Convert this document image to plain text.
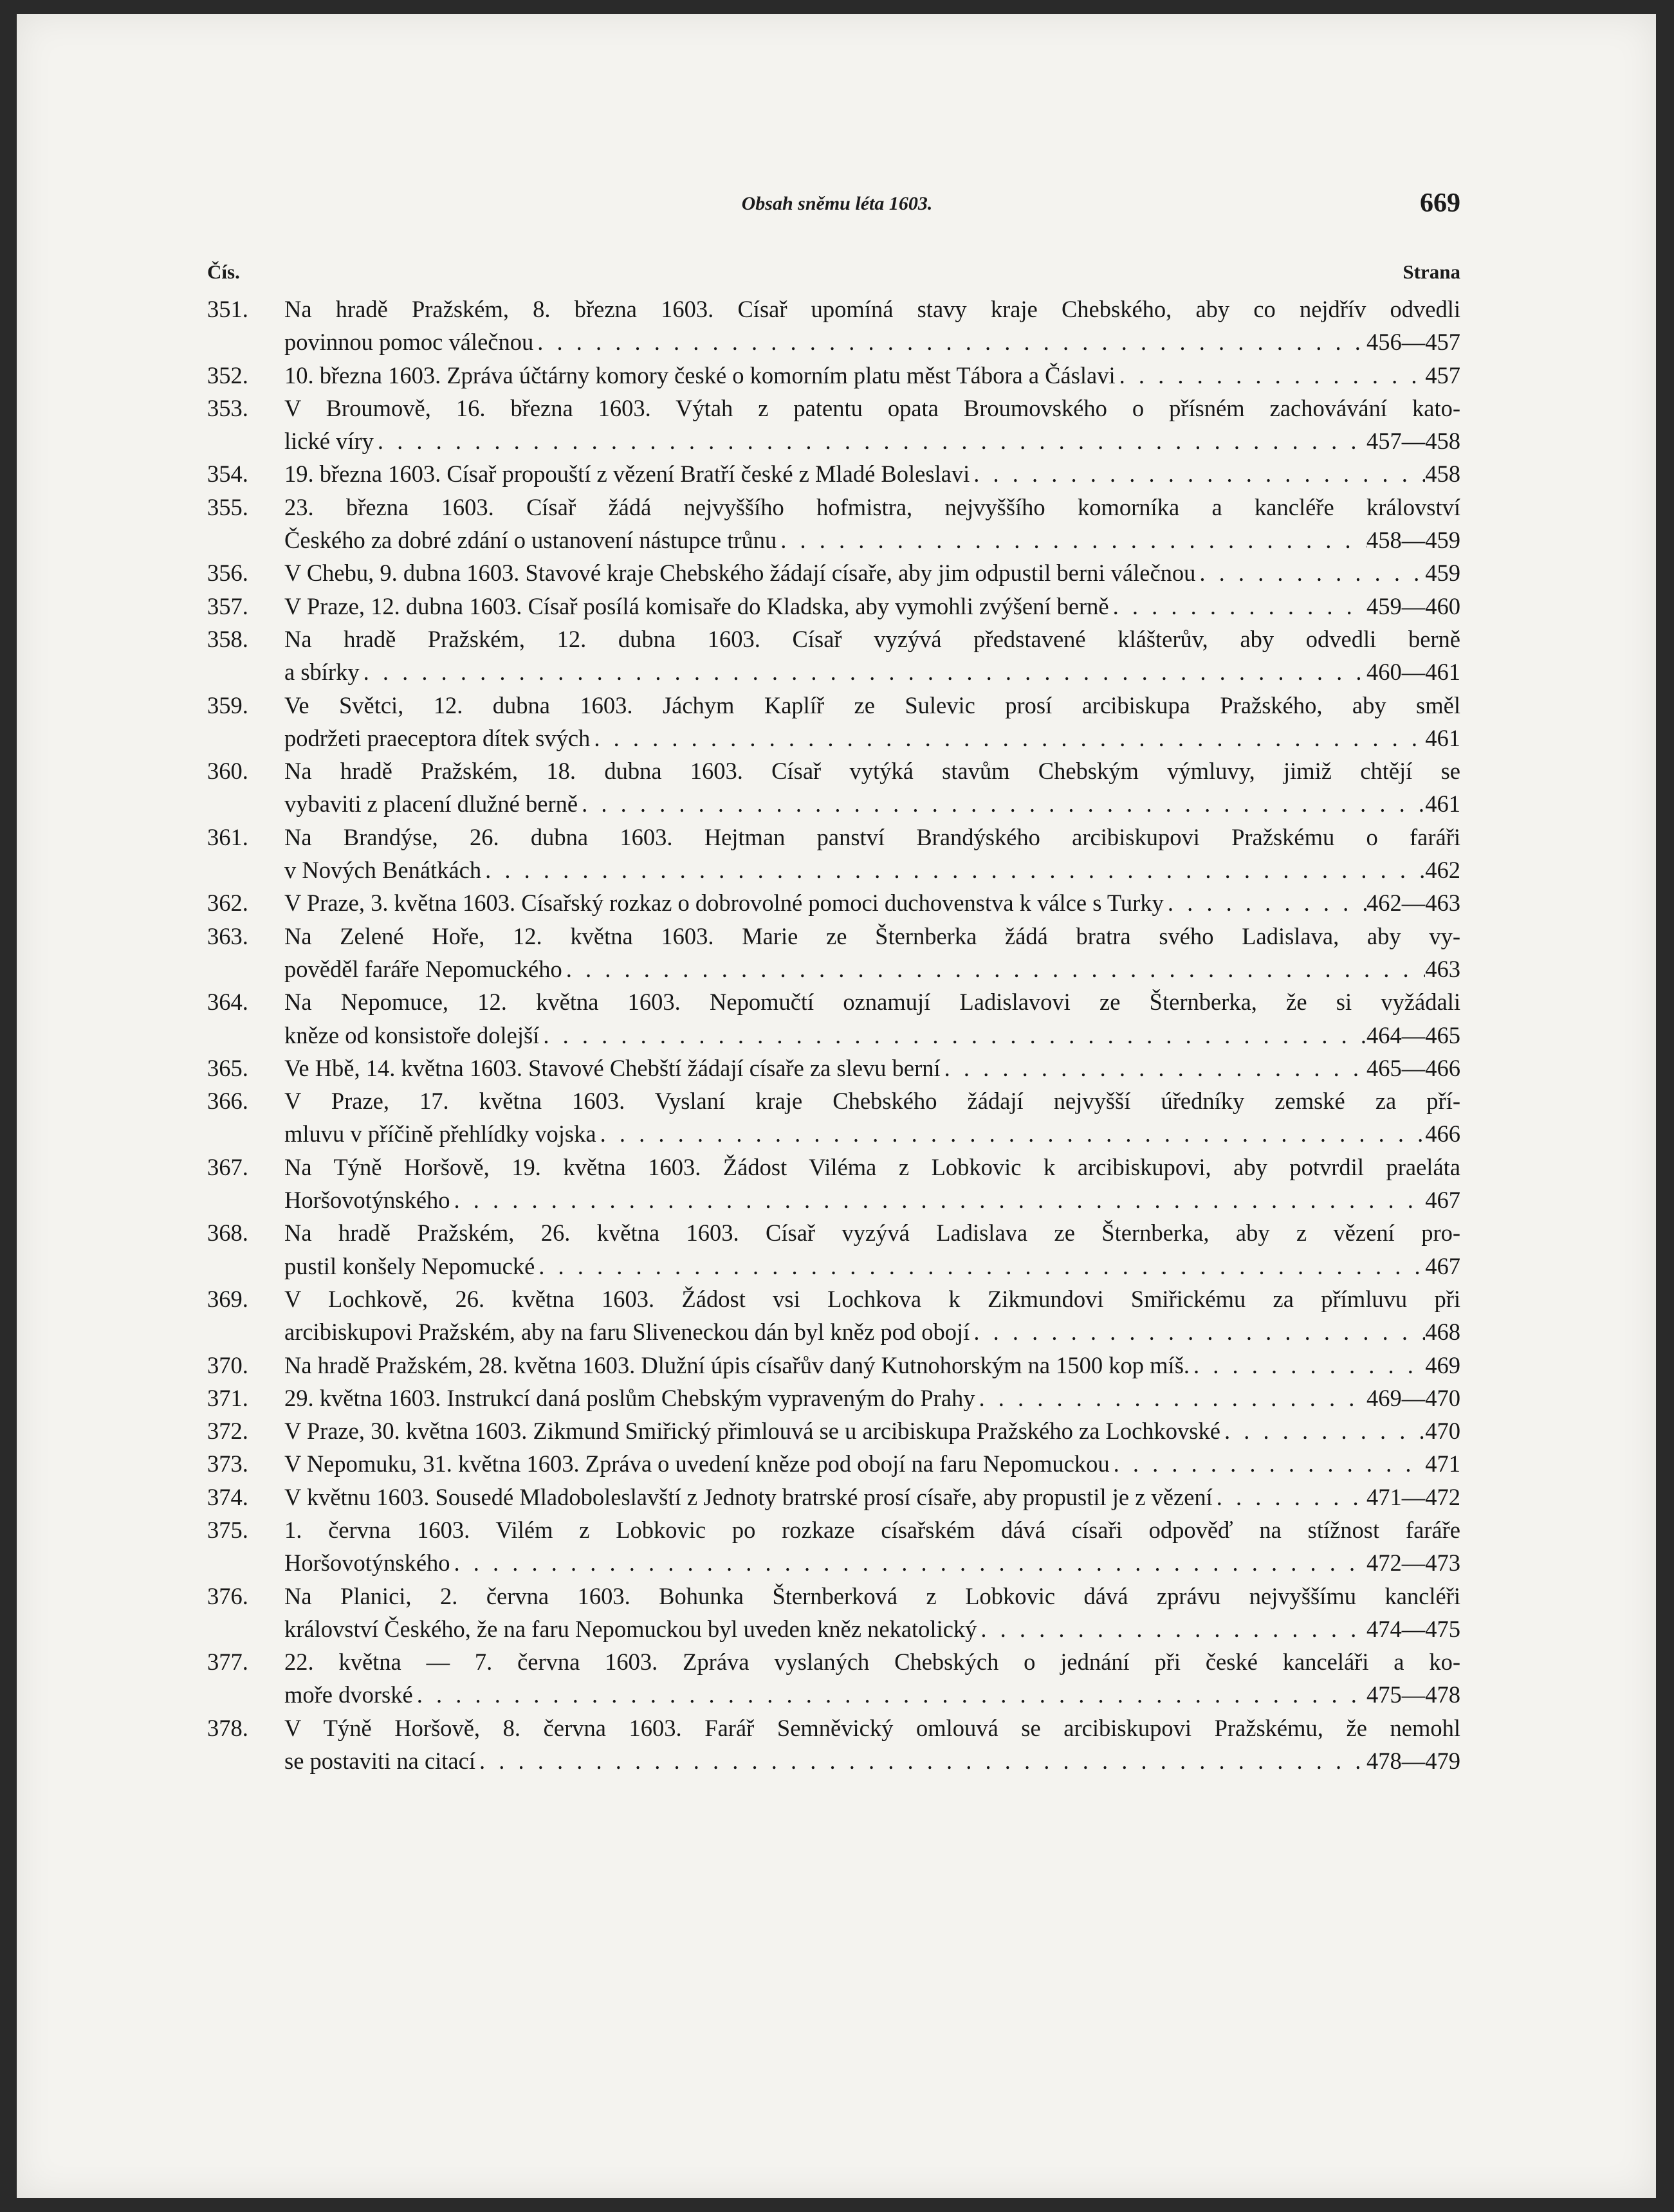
Obsah sněmu léta 1603.	669
Čís.	Strana
351.	Na hradě Pražském, 8. března 1603. Císař upomíná stavy kraje Chebského, aby co nejdřív odvedli
povinnou pomoc válečnou . . .	456—457
352.	10. března 1603. Zpráva účtárny komory české o komorním platu měst Tábora a Čáslavi . . .	457
353.	V Broumově, 16. března 1603. Výtah z patentu opata Broumovského o přísném zachovávání kato-
lické víry . . .	457—458
354.	19. března 1603. Císař propouští z vězení Bratří české z Mladé Boleslavi . . .	458
355.	23. března 1603. Císař žádá nejvyššího hofmistra, nejvyššího komorníka a kancléře království
Českého za dobré zdání o ustanovení nástupce trůnu . . .	458—459
356.	V Chebu, 9. dubna 1603. Stavové kraje Chebského žádají císaře, aby jim odpustil berni válečnou . . .	459
357.	V Praze, 12. dubna 1603. Císař posílá komisaře do Kladska, aby vymohli zvýšení berně . . .	459—460
358.	Na hradě Pražském, 12. dubna 1603. Císař vyzývá představené klášterův, aby odvedli berně
a sbírky . . .	460—461
359.	Ve Světci, 12. dubna 1603. Jáchym Kaplíř ze Sulevic prosí arcibiskupa Pražského, aby směl
podržeti praeceptora dítek svých . . .	461
360.	Na hradě Pražském, 18. dubna 1603. Císař vytýká stavům Chebským výmluvy, jimiž chtějí se
vybaviti z placení dlužné berně . . .	461
361.	Na Brandýse, 26. dubna 1603. Hejtman panství Brandýského arcibiskupovi Pražskému o faráři
v Nových Benátkách . . .	462
362.	V Praze, 3. května 1603. Císařský rozkaz o dobrovolné pomoci duchovenstva k válce s Turky . . .	462—463
363.	Na Zelené Hoře, 12. května 1603. Marie ze Šternberka žádá bratra svého Ladislava, aby vy-
pověděl faráře Nepomuckého . . .	463
364.	Na Nepomuce, 12. května 1603. Nepomučtí oznamují Ladislavovi ze Šternberka, že si vyžádali
kněze od konsistoře dolejší . . .	464—465
365.	Ve Hbě, 14. května 1603. Stavové Chebští žádají císaře za slevu berní . . .	465—466
366.	V Praze, 17. května 1603. Vyslaní kraje Chebského žádají nejvyšší úředníky zemské za pří-
mluvu v příčině přehlídky vojska . . .	466
367.	Na Týně Horšově, 19. května 1603. Žádost Viléma z Lobkovic k arcibiskupovi, aby potvrdil praeláta
Horšovotýnského . . .	467
368.	Na hradě Pražském, 26. května 1603. Císař vyzývá Ladislava ze Šternberka, aby z vězení pro-
pustil konšely Nepomucké . . .	467
369.	V Lochkově, 26. května 1603. Žádost vsi Lochkova k Zikmundovi Smiřickému za přímluvu při
arcibiskupovi Pražském, aby na faru Sliveneckou dán byl kněz pod obojí . . .	468
370.	Na hradě Pražském, 28. května 1603. Dlužní úpis císařův daný Kutnohorským na 1500 kop míš. . . .	469
371.	29. května 1603. Instrukcí daná poslům Chebským vypraveným do Prahy . . .	469—470
372.	V Praze, 30. května 1603. Zikmund Smiřický přimlouvá se u arcibiskupa Pražského za Lochkovské . . .	470
373.	V Nepomuku, 31. května 1603. Zpráva o uvedení kněze pod obojí na faru Nepomuckou . . .	471
374.	V květnu 1603. Sousedé Mladoboleslavští z Jednoty bratrské prosí císaře, aby propustil je z vězení . . .	471—472
375.	1. června 1603. Vilém z Lobkovic po rozkaze císařském dává císaři odpověď na stížnost faráře
Horšovotýnského . . .	472—473
376.	Na Planici, 2. června 1603. Bohunka Šternberková z Lobkovic dává zprávu nejvyššímu kancléři
království Českého, že na faru Nepomuckou byl uveden kněz nekatolický . . .	474—475
377.	22. května — 7. června 1603. Zpráva vyslaných Chebských o jednání při české kanceláři a ko-
moře dvorské . . .	475—478
378.	V Týně Horšově, 8. června 1603. Farář Semněvický omlouvá se arcibiskupovi Pražskému, že nemohl
se postaviti na citací . . .	478—479
